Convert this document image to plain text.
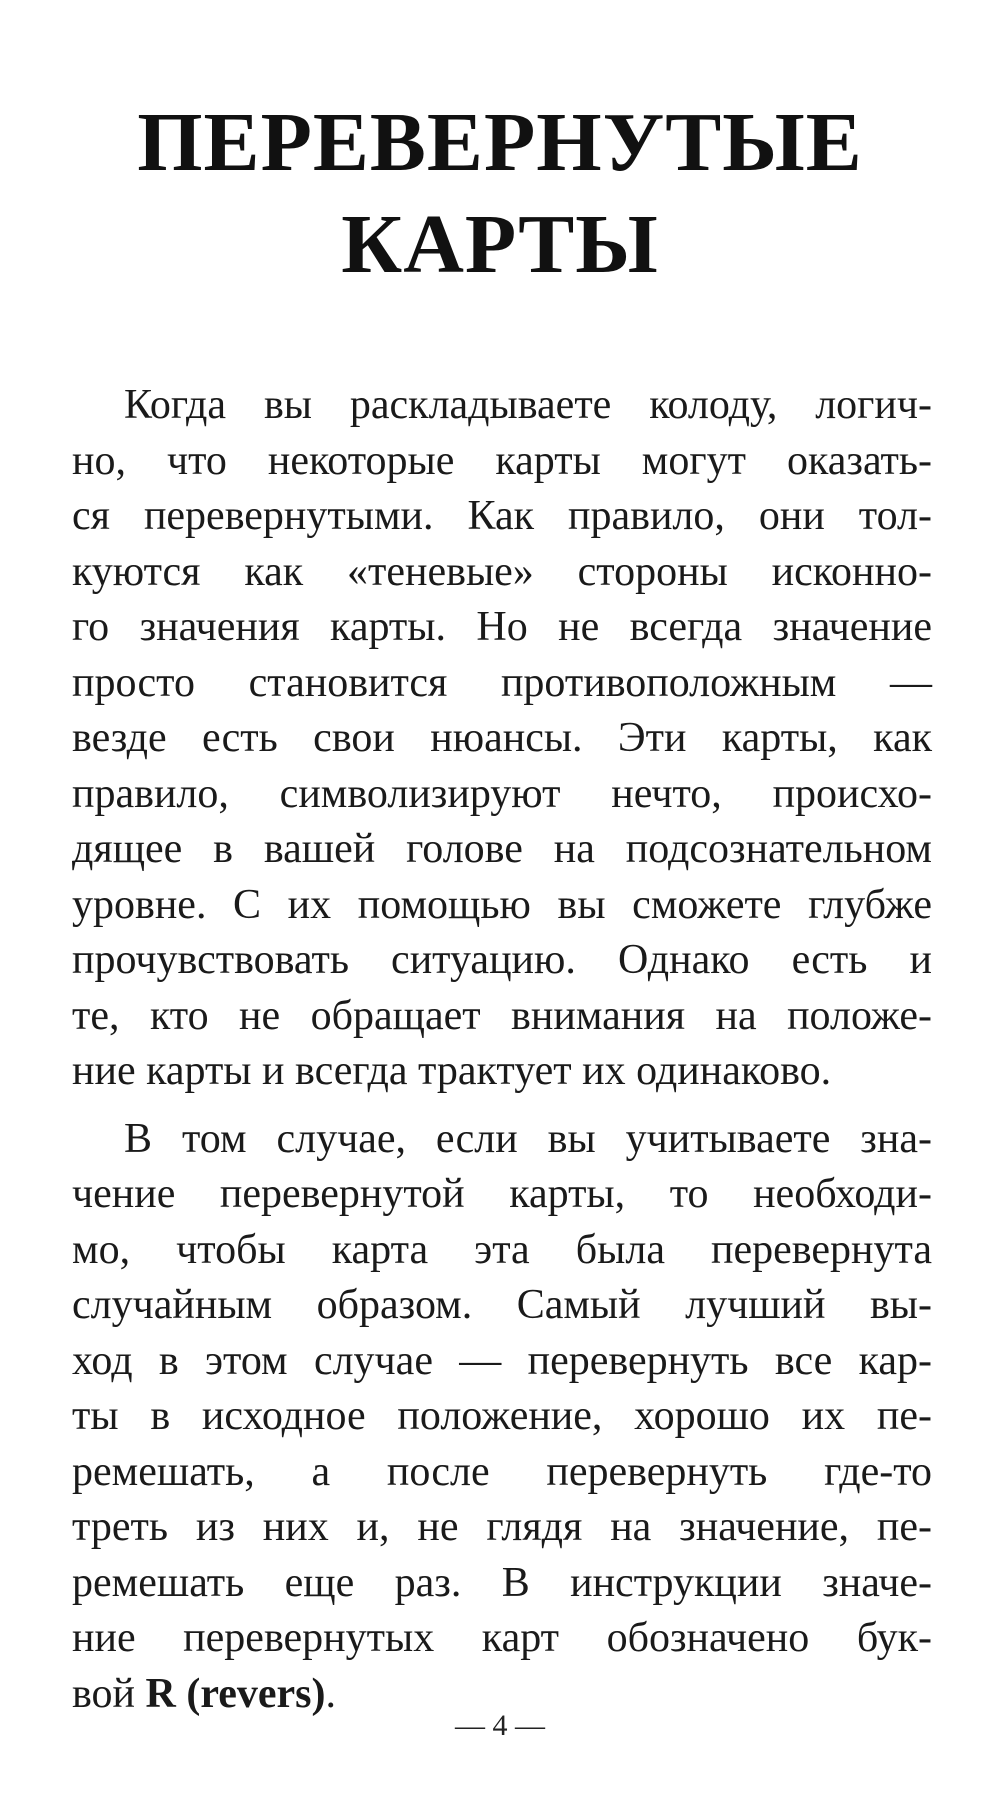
ПЕРЕВЕРНУТЫЕ
КАРТЫ

Когда вы раскладываете колоду, логич-
но, что некоторые карты могут оказать-
ся перевернутыми. Как правило, они тол-
куются как «теневые» стороны исконно-
го значения карты. Но не всегда значение
просто становится противоположным —
везде есть свои нюансы. Эти карты, как
правило, символизируют нечто, происхо-
дящее в вашей голове на подсознательном
уровне. С их помощью вы сможете глубже
прочувствовать ситуацию. Однако есть и
те, кто не обращает внимания на положе-
ние карты и всегда трактует их одинаково.

В том случае, если вы учитываете зна-
чение перевернутой карты, то необходи-
мо, чтобы карта эта была перевернута
случайным образом. Самый лучший вы-
ход в этом случае — перевернуть все кар-
ты в исходное положение, хорошо их пе-
ремешать, а после перевернуть где-то
треть из них и, не глядя на значение, пе-
ремешать еще раз. В инструкции значе-
ние перевернутых карт обозначено бук-
вой R (revers).

— 4 —
